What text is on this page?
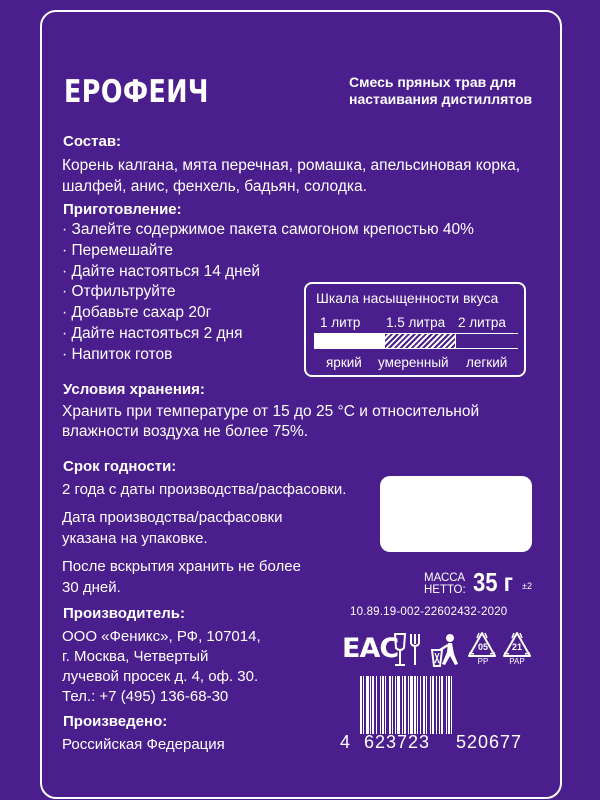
ЕРОФЕИЧ	Смесь пряных трав для настаивания дистиллятов
Состав:
Корень калгана, мята перечная, ромашка, апельсиновая корка,
шалфей, анис, фенхель, бадьян, солодка.
Приготовление:
· Залейте содержимое пакета самогоном крепостью 40%
· Перемешайте
· Дайте настояться 14 дней
· Отфильтруйте
· Добавьте сахар 20г
· Дайте настояться 2 дня
· Напиток готов
Шкала насыщенности вкуса
1 литр 1.5 литра 2 литра
яркий умеренный легкий
Условия хранения:
Хранить при температуре от 15 до 25 °С и относительной
влажности воздуха не более 75%.
Срок годности:
2 года с даты производства/расфасовки.
Дата производства/расфасовки
указана на упаковке.
После вскрытия хранить не более
30 дней.
МАССА
НЕТТО: 35 г ±2
10.89.19-002-22602432-2020
Производитель:
ООО «Феникс», РФ, 107014,
г. Москва, Четвертый
лучевой просек д. 4, оф. 30.
Тел.: +7 (495) 136-68-30
Произведено:
Российская Федерация
ЕАС	05
PP
21
PAP
4 623723 520677
